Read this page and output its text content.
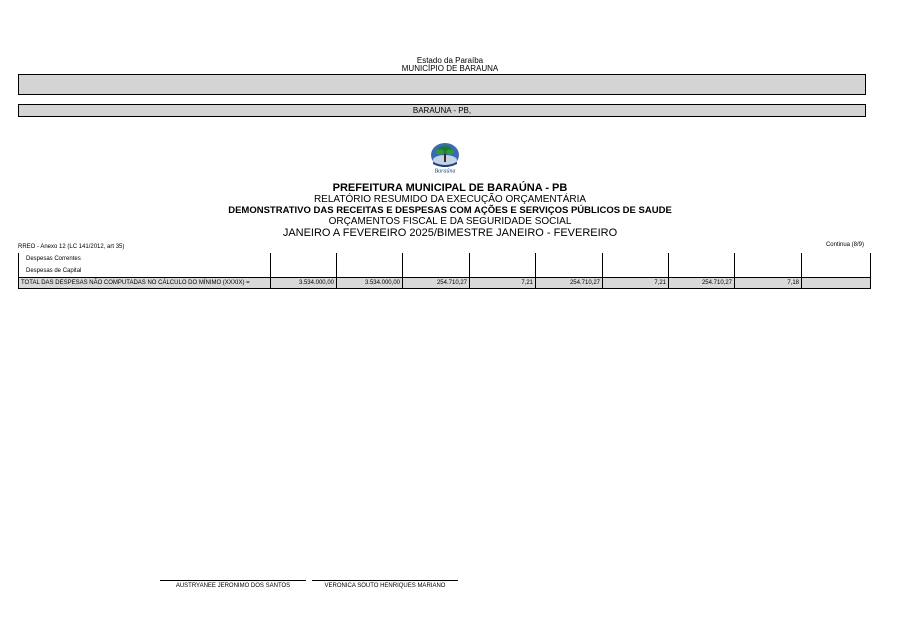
Estado da Paraíba
MUNICÍPIO DE BARAUNA
BARAUNA - PB,
Baraúna
PREFEITURA MUNICIPAL DE BARAÚNA - PB
RELATÓRIO RESUMIDO DA EXECUÇÃO ORÇAMENTÁRIA
DEMONSTRATIVO DAS RECEITAS E DESPESAS COM AÇÕES E SERVIÇOS PÚBLICOS DE SAUDE
ORÇAMENTOS FISCAL E DA SEGURIDADE SOCIAL
JANEIRO A FEVEREIRO 2025/BIMESTRE JANEIRO - FEVEREIRO
RREO - Anexo 12 (LC 141/2012, art 35)	Continua (8/9)
Despesas Correntes									
Despesas de Capital									
TOTAL DAS DESPESAS NÃO COMPUTADAS NO CÁLCULO DO MÍNIMO (XXXIX) =	3.534.000,00	3.534.000,00	254.710,27	7,21	254.710,27	7,21	254.710,27	7,18	
AUSTRYANEE JERONIMO DOS SANTOS	VERONICA SOUTO HENRIQUES MARIANO
